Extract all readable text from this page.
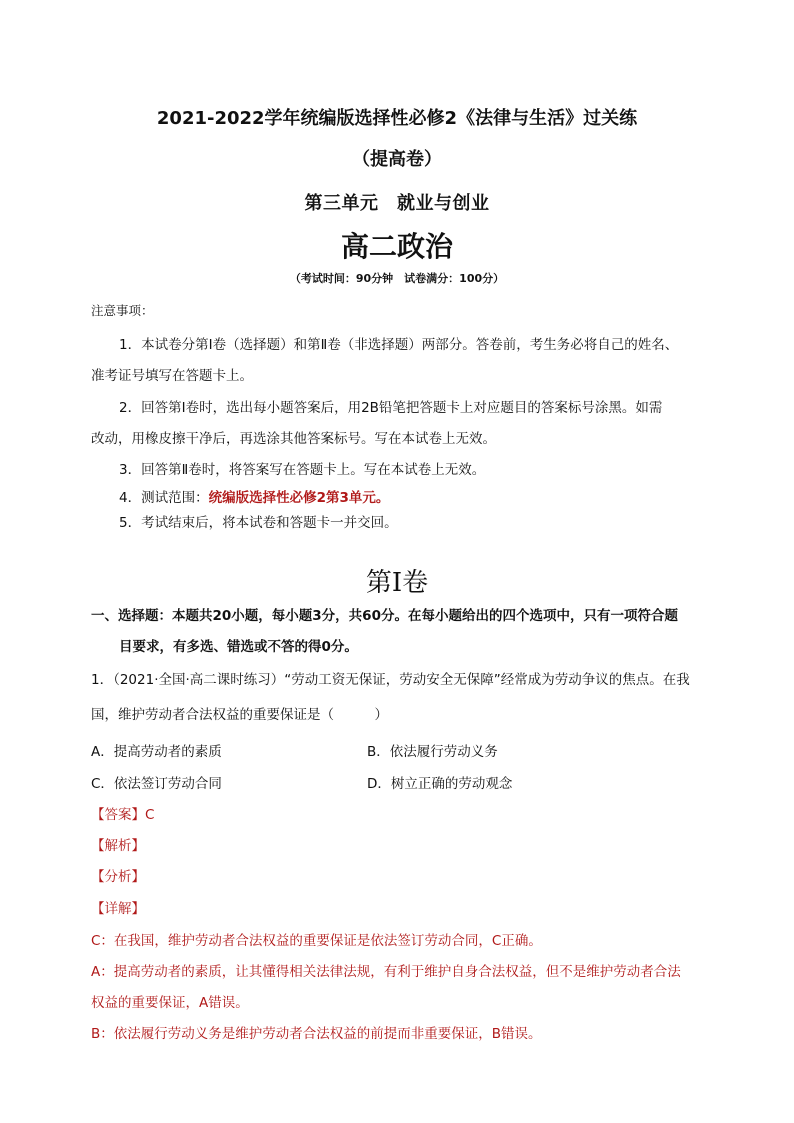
2021-2022学年统编版选择性必修2《法律与生活》过关练
（提高卷）
第三单元　就业与创业
高二政治
（考试时间：90分钟　试卷满分：100分）
注意事项：
1．本试卷分第Ⅰ卷（选择题）和第Ⅱ卷（非选择题）两部分。答卷前，考生务必将自己的姓名、
准考证号填写在答题卡上。
2．回答第Ⅰ卷时，选出每小题答案后，用2B铅笔把答题卡上对应题目的答案标号涂黑。如需
改动，用橡皮擦干净后，再选涂其他答案标号。写在本试卷上无效。
3．回答第Ⅱ卷时，将答案写在答题卡上。写在本试卷上无效。
4．测试范围：统编版选择性必修2第3单元。
5．考试结束后，将本试卷和答题卡一并交回。
第Ⅰ卷
一、选择题：本题共20小题，每小题3分，共60分。在每小题给出的四个选项中，只有一项符合题
目要求，有多选、错选或不答的得0分。
1．（2021·全国·高二课时练习）“劳动工资无保证，劳动安全无保障”经常成为劳动争议的焦点。在我
国，维护劳动者合法权益的重要保证是（　　　）
A．提高劳动者的素质	B．依法履行劳动义务
C．依法签订劳动合同	D．树立正确的劳动观念
【答案】C
【解析】
【分析】
【详解】
C：在我国，维护劳动者合法权益的重要保证是依法签订劳动合同，C正确。
A：提高劳动者的素质，让其懂得相关法律法规，有利于维护自身合法权益，但不是维护劳动者合法
权益的重要保证，A错误。
B：依法履行劳动义务是维护劳动者合法权益的前提而非重要保证，B错误。
